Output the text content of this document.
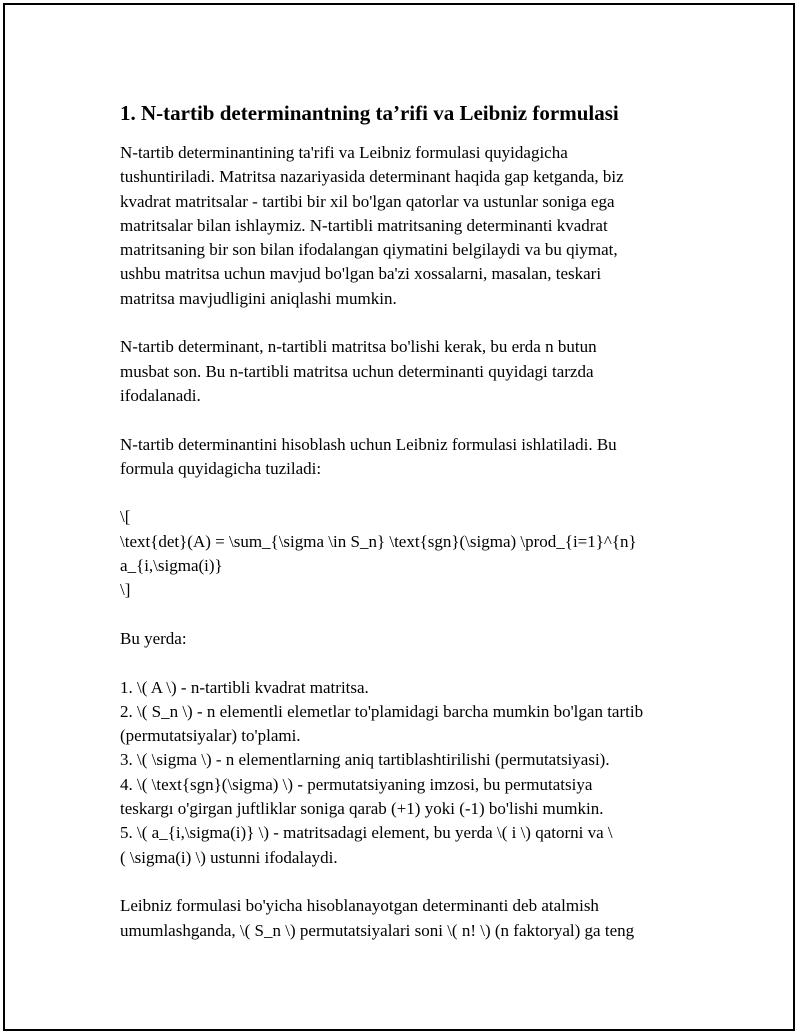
1. N-tartib determinantning ta’rifi va Leibniz formulasi
N-tartib determinantining ta'rifi va Leibniz formulasi quyidagicha
tushuntiriladi. Matritsa nazariyasida determinant haqida gap ketganda, biz
kvadrat matritsalar - tartibi bir xil bo'lgan qatorlar va ustunlar soniga ega
matritsalar bilan ishlaymiz. N-tartibli matritsaning determinanti kvadrat
matritsaning bir son bilan ifodalangan qiymatini belgilaydi va bu qiymat,
ushbu matritsa uchun mavjud bo'lgan ba'zi xossalarni, masalan, teskari
matritsa mavjudligini aniqlashi mumkin.
N-tartib determinant, n-tartibli matritsa bo'lishi kerak, bu erda n butun
musbat son. Bu n-tartibli matritsa uchun determinanti quyidagi tarzda
ifodalanadi.
N-tartib determinantini hisoblash uchun Leibniz formulasi ishlatiladi. Bu
formula quyidagicha tuziladi:
\[
\text{det}(A) = \sum_{\sigma \in S_n} \text{sgn}(\sigma) \prod_{i=1}^{n}
a_{i,\sigma(i)}
\]
Bu yerda:
1. \( A \) - n-tartibli kvadrat matritsa.
2. \( S_n \) - n elementli elemetlar to'plamidagi barcha mumkin bo'lgan tartib
(permutatsiyalar) to'plami.
3. \( \sigma \) - n elementlarning aniq tartiblashtirilishi (permutatsiyasi).
4. \( \text{sgn}(\sigma) \) - permutatsiyaning imzosi, bu permutatsiya
teskargı o'girgan juftliklar soniga qarab (+1) yoki (-1) bo'lishi mumkin.
5. \( a_{i,\sigma(i)} \) - matritsadagi element, bu yerda \( i \) qatorni va \
( \sigma(i) \) ustunni ifodalaydi.
Leibniz formulasi bo'yicha hisoblanayotgan determinanti deb atalmish
umumlashganda, \( S_n \) permutatsiyalari soni \( n! \) (n faktoryal) ga teng
